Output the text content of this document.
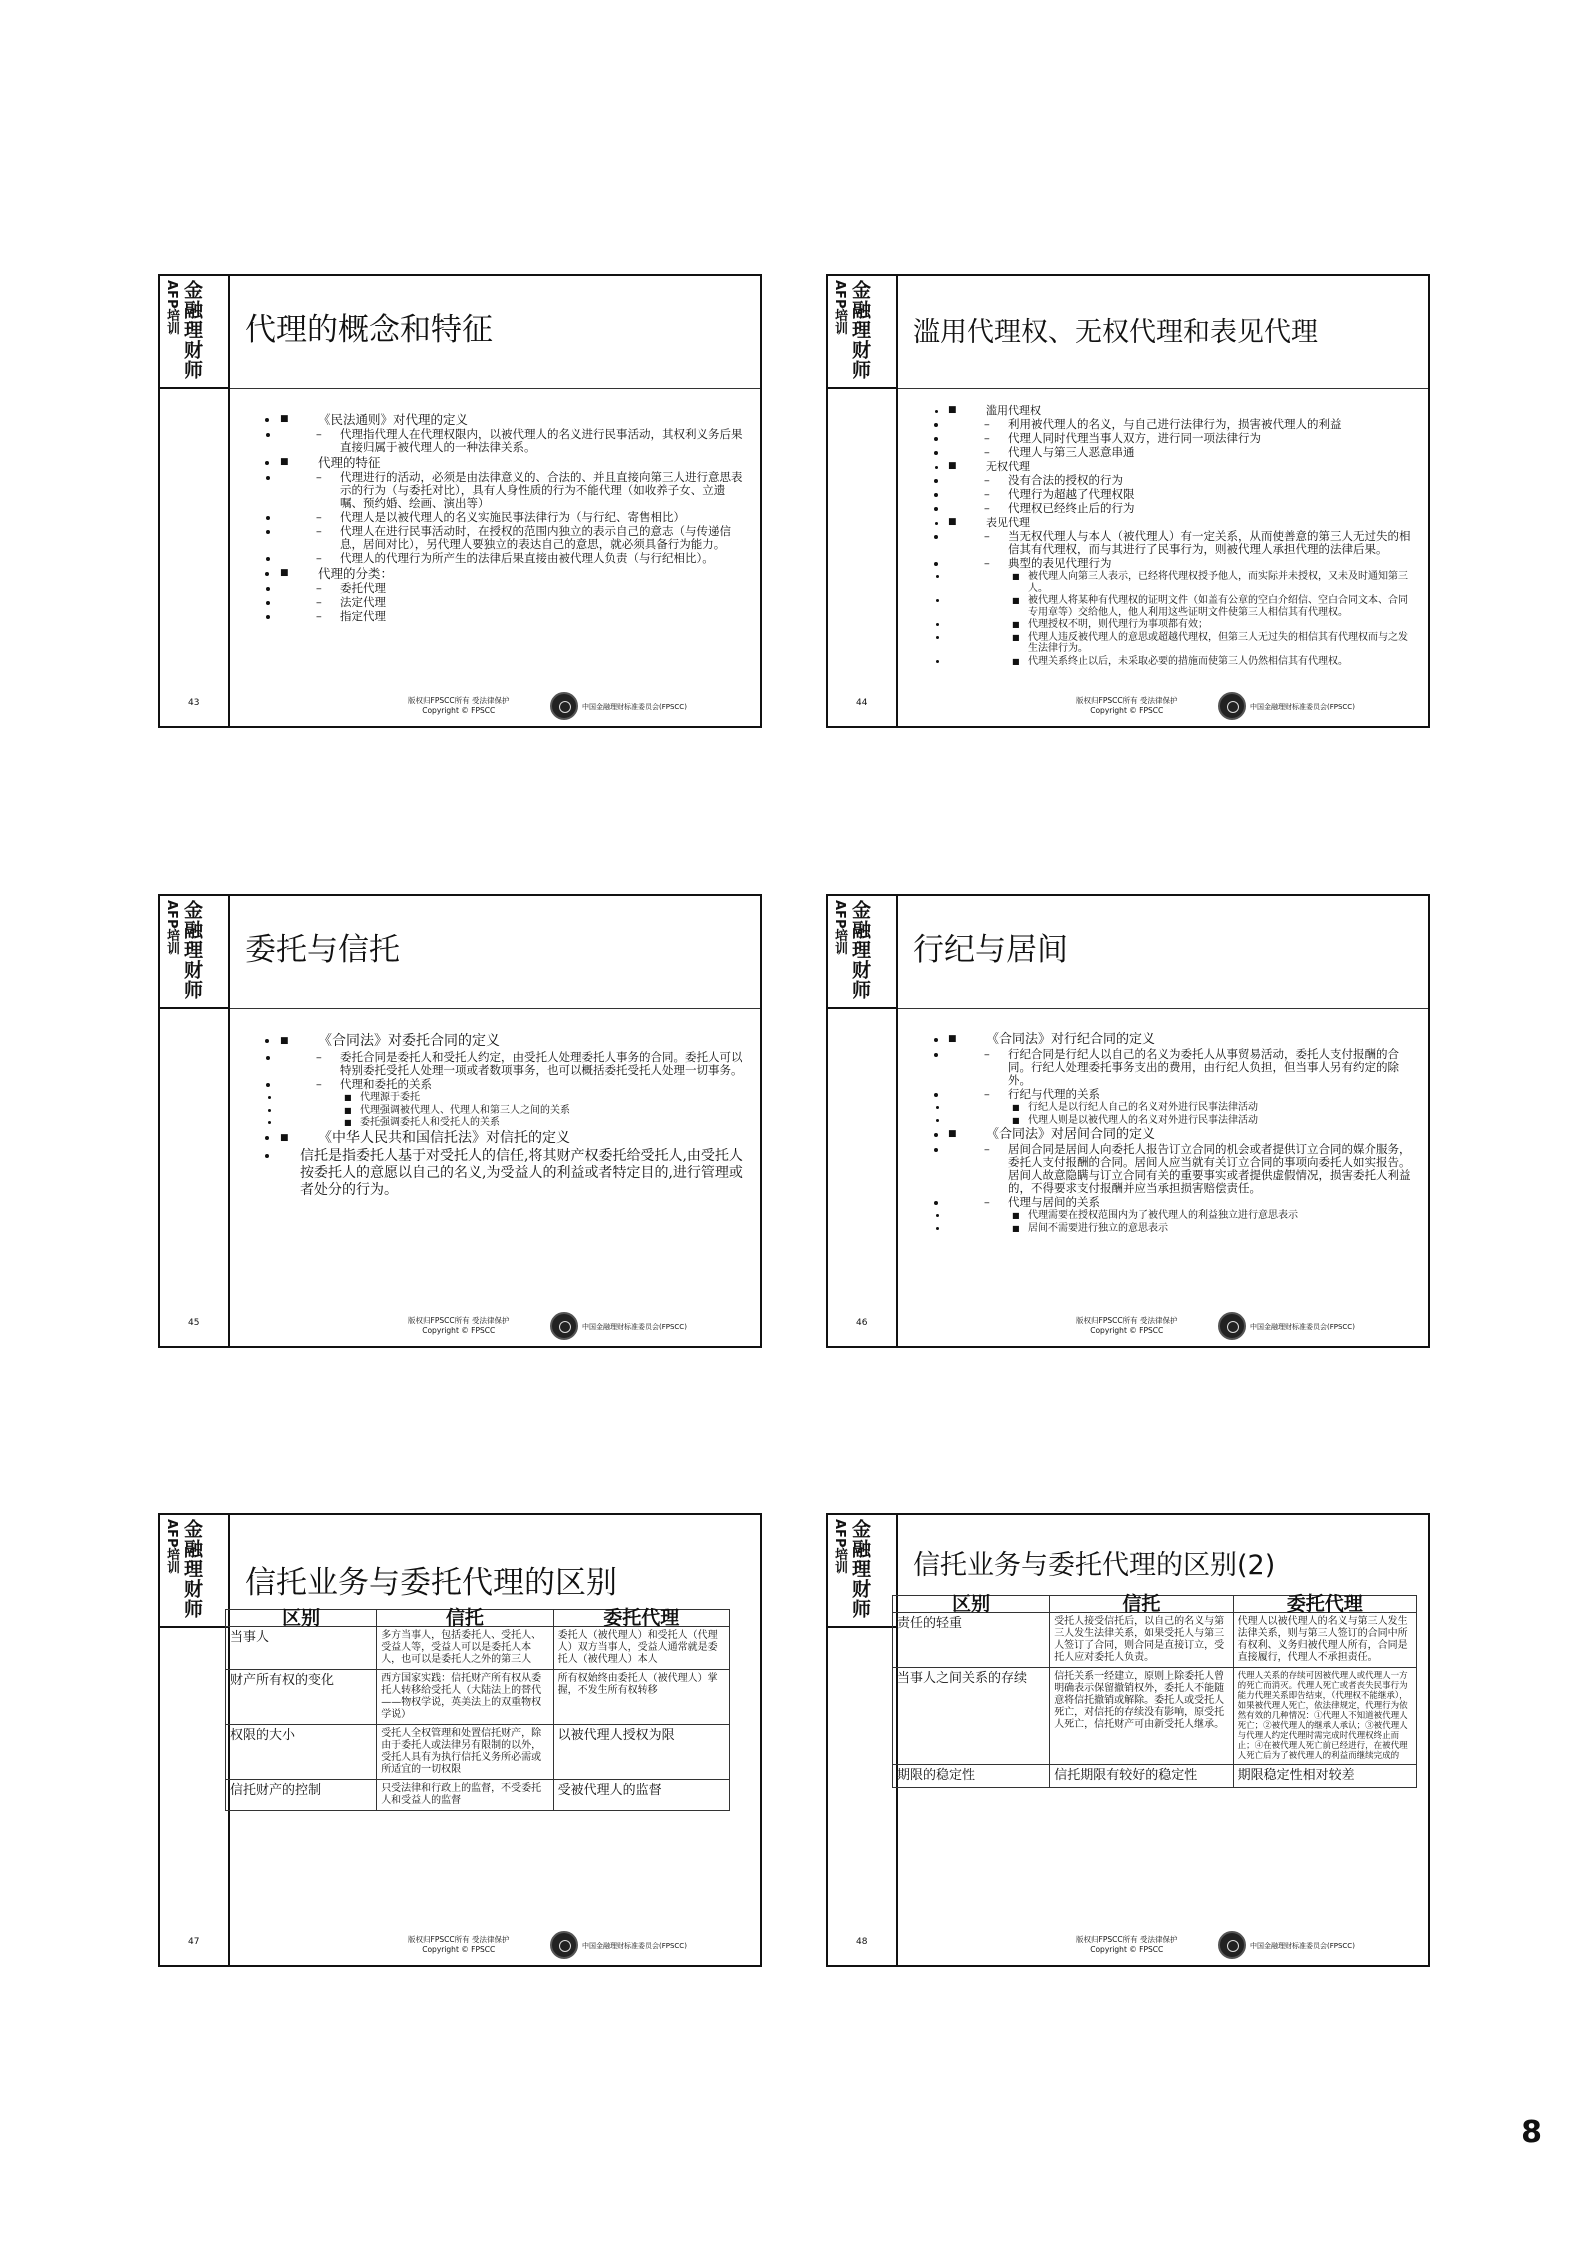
AFP培训 金融理财师 代理的概念和特征
43
■ • 《民法通则》对代理的定义
– • 代理指代理人在代理权限内，以被代理人的名义进行民事活动，其权利义务后果直接归属于被代理人的一种法律关系。
■ • 代理的特征
– • 代理进行的活动，必须是由法律意义的、合法的、并且直接向第三人进行意思表示的行为（与委托对比），具有人身性质的行为不能代理（如收养子女、立遗嘱、预约婚、绘画、演出等）
– • 代理人是以被代理人的名义实施民事法律行为（与行纪、寄售相比）
– • 代理人在进行民事活动时，在授权的范围内独立的表示自己的意志（与传递信息，居间对比），另代理人要独立的表达自己的意思，就必须具备行为能力。
– • 代理人的代理行为所产生的法律后果直接由被代理人负责（与行纪相比）。
■ • 代理的分类：
– • 委托代理
– • 法定代理
– • 指定代理
版权归FPSCC所有 受法律保护
Copyright © FPSCC	中国金融理财标准委员会(FPSCC)
AFP培训 金融理财师 滥用代理权、无权代理和表见代理
44
■ • 滥用代理权
– • 利用被代理人的名义，与自己进行法律行为，损害被代理人的利益
– • 代理人同时代理当事人双方，进行同一项法律行为
– • 代理人与第三人恶意串通
■ • 无权代理
– • 没有合法的授权的行为
– • 代理行为超越了代理权限
– • 代理权已经终止后的行为
■ • 表见代理
– • 当无权代理人与本人（被代理人）有一定关系，从而使善意的第三人无过失的相信其有代理权，而与其进行了民事行为，则被代理人承担代理的法律后果。
– • 典型的表见代理行为
■ • 被代理人向第三人表示，已经将代理权授予他人，而实际并未授权，又未及时通知第三人。
■ • 被代理人将某种有代理权的证明文件（如盖有公章的空白介绍信、空白合同文本、合同专用章等）交给他人，他人利用这些证明文件使第三人相信其有代理权。
■ • 代理授权不明，则代理行为事项都有效；
■ • 代理人违反被代理人的意思或超越代理权，但第三人无过失的相信其有代理权而与之发生法律行为。
■ • 代理关系终止以后，未采取必要的措施而使第三人仍然相信其有代理权。
版权归FPSCC所有 受法律保护
Copyright © FPSCC	中国金融理财标准委员会(FPSCC)
AFP培训 金融理财师 委托与信托
45
■ • 《合同法》对委托合同的定义
– • 委托合同是委托人和受托人约定，由受托人处理委托人事务的合同。委托人可以特别委托受托人处理一项或者数项事务，也可以概括委托受托人处理一切事务。
– • 代理和委托的关系
■ • 代理源于委托
■ • 代理强调被代理人、代理人和第三人之间的关系
■ • 委托强调委托人和受托人的关系
■ • 《中华人民共和国信托法》对信托的定义
• 信托是指委托人基于对受托人的信任,将其财产权委托给受托人,由受托人按委托人的意愿以自己的名义,为受益人的利益或者特定目的,进行管理或者处分的行为。
版权归FPSCC所有 受法律保护
Copyright © FPSCC	中国金融理财标准委员会(FPSCC)
AFP培训 金融理财师 行纪与居间
46
■ • 《合同法》对行纪合同的定义
– • 行纪合同是行纪人以自己的名义为委托人从事贸易活动，委托人支付报酬的合同。行纪人处理委托事务支出的费用，由行纪人负担，但当事人另有约定的除外。
– • 行纪与代理的关系
■ • 行纪人是以行纪人自己的名义对外进行民事法律活动
■ • 代理人则是以被代理人的名义对外进行民事法律活动
■ • 《合同法》对居间合同的定义
– • 居间合同是居间人向委托人报告订立合同的机会或者提供订立合同的媒介服务，委托人支付报酬的合同。居间人应当就有关订立合同的事项向委托人如实报告。居间人故意隐瞒与订立合同有关的重要事实或者提供虚假情况，损害委托人利益的，不得要求支付报酬并应当承担损害赔偿责任。
– • 代理与居间的关系
■ • 代理需要在授权范围内为了被代理人的利益独立进行意思表示
■ • 居间不需要进行独立的意思表示
版权归FPSCC所有 受法律保护
Copyright © FPSCC	中国金融理财标准委员会(FPSCC)
AFP培训 金融理财师 信托业务与委托代理的区别
47
区别	信托	委托代理
当事人	多方当事人，包括委托人、受托人、受益人等，受益人可以是委托人本人，也可以是委托人之外的第三人	委托人（被代理人）和受托人（代理人）双方当事人，受益人通常就是委托人（被代理人）本人
财产所有权的变化	西方国家实践：信托财产所有权从委托人转移给受托人（大陆法上的替代——物权学说，英美法上的双重物权学说）	所有权始终由委托人（被代理人）掌握，不发生所有权转移
权限的大小	受托人全权管理和处置信托财产，除由于委托人或法律另有限制的以外，受托人具有为执行信托义务所必需或所适宜的一切权限	以被代理人授权为限
信托财产的控制	只受法律和行政上的监督，不受委托人和受益人的监督	受被代理人的监督
版权归FPSCC所有 受法律保护
Copyright © FPSCC	中国金融理财标准委员会(FPSCC)
AFP培训 金融理财师 信托业务与委托代理的区别(2)
48
区别	信托	委托代理
责任的轻重	受托人接受信托后，以自己的名义与第三人发生法律关系，如果受托人与第三人签订了合同，则合同是直接订立，受托人应对委托人负责。	代理人以被代理人的名义与第三人发生法律关系，则与第三人签订的合同中所有权利、义务归被代理人所有，合同是直接履行，代理人不承担责任。
当事人之间关系的存续	信托关系一经建立，原则上除委托人曾明确表示保留撤销权外，委托人不能随意将信托撤销或解除。委托人或受托人死亡，对信托的存续没有影响，原受托人死亡，信托财产可由新受托人继承。	代理人关系的存续可因被代理人或代理人一方的死亡而消灭。代理人死亡或者丧失民事行为能力代理关系即告结束，（代理权不能继承），如果被代理人死亡，依法律规定，代理行为依然有效的几种情况：①代理人不知道被代理人死亡；②被代理人的继承人承认；③被代理人与代理人约定代理时需完成时代理权终止而止；④在被代理人死亡前已经进行，在被代理人死亡后为了被代理人的利益而继续完成的
期限的稳定性	信托期限有较好的稳定性	期限稳定性相对较差
版权归FPSCC所有 受法律保护
Copyright © FPSCC	中国金融理财标准委员会(FPSCC)
8
